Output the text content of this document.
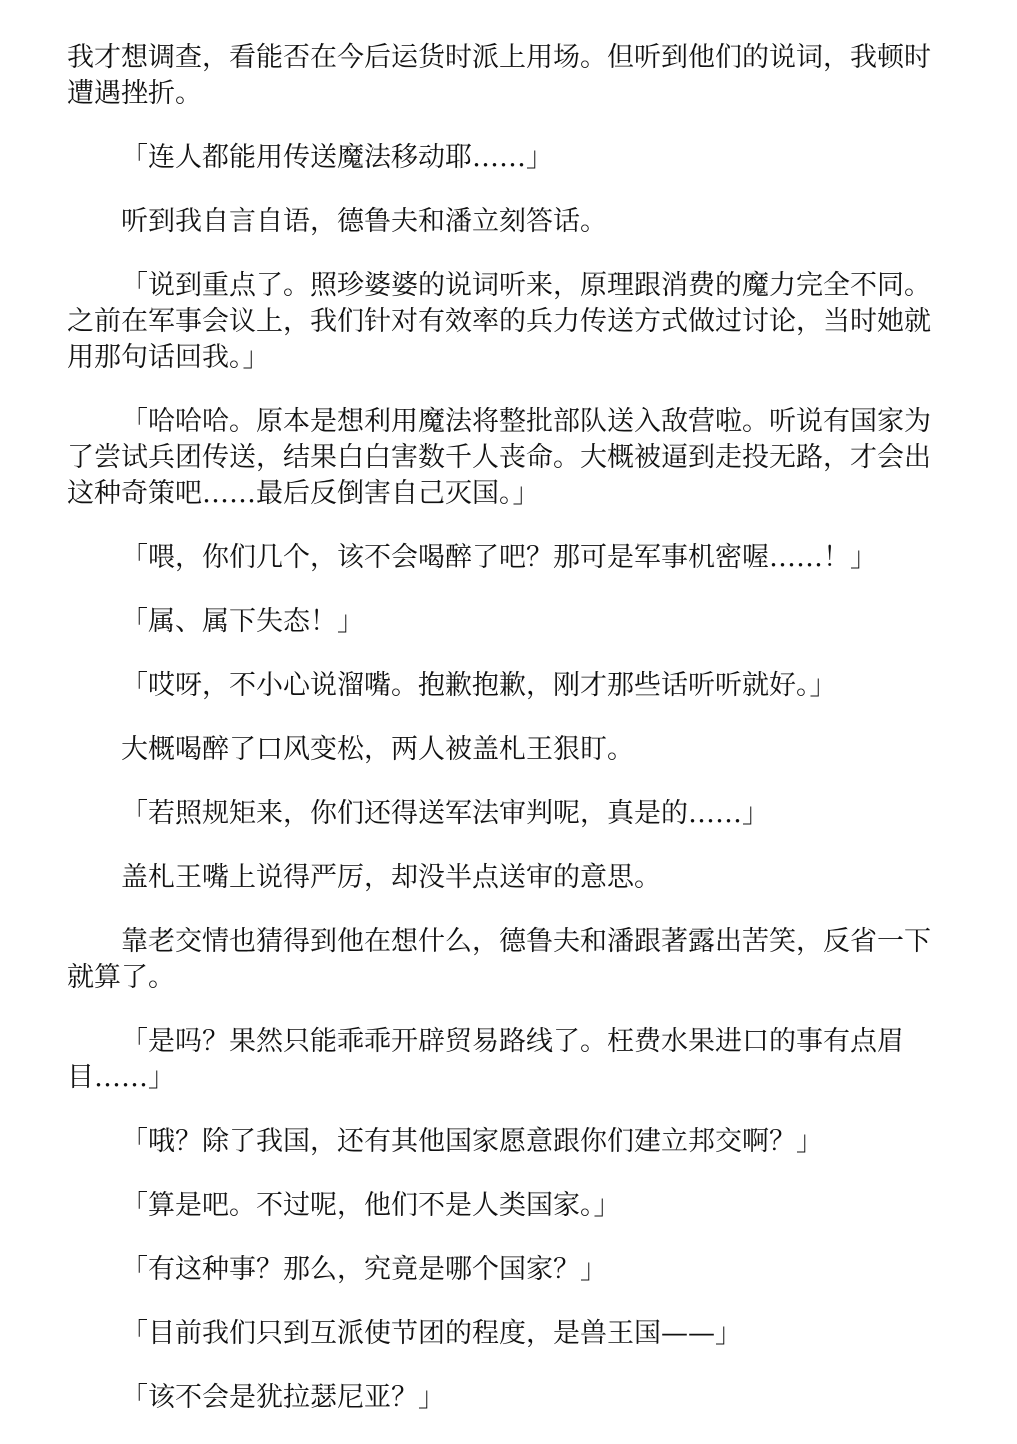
我才想调查，看能否在今后运货时派上用场。但听到他们的说词，我顿时遭遇挫折。

「连人都能用传送魔法移动耶……」

听到我自言自语，德鲁夫和潘立刻答话。

「说到重点了。照珍婆婆的说词听来，原理跟消费的魔力完全不同。之前在军事会议上，我们针对有效率的兵力传送方式做过讨论，当时她就用那句话回我。」

「哈哈哈。原本是想利用魔法将整批部队送入敌营啦。听说有国家为了尝试兵团传送，结果白白害数千人丧命。大概被逼到走投无路，才会出这种奇策吧……最后反倒害自己灭国。」

「喂，你们几个，该不会喝醉了吧？那可是军事机密喔……！」

「属、属下失态！」

「哎呀，不小心说溜嘴。抱歉抱歉，刚才那些话听听就好。」

大概喝醉了口风变松，两人被盖札王狠盯。

「若照规矩来，你们还得送军法审判呢，真是的……」

盖札王嘴上说得严厉，却没半点送审的意思。

靠老交情也猜得到他在想什么，德鲁夫和潘跟著露出苦笑，反省一下就算了。

「是吗？果然只能乖乖开辟贸易路线了。枉费水果进口的事有点眉目……」

「哦？除了我国，还有其他国家愿意跟你们建立邦交啊？」

「算是吧。不过呢，他们不是人类国家。」

「有这种事？那么，究竟是哪个国家？」

「目前我们只到互派使节团的程度，是兽王国——」

「该不会是犹拉瑟尼亚？」
